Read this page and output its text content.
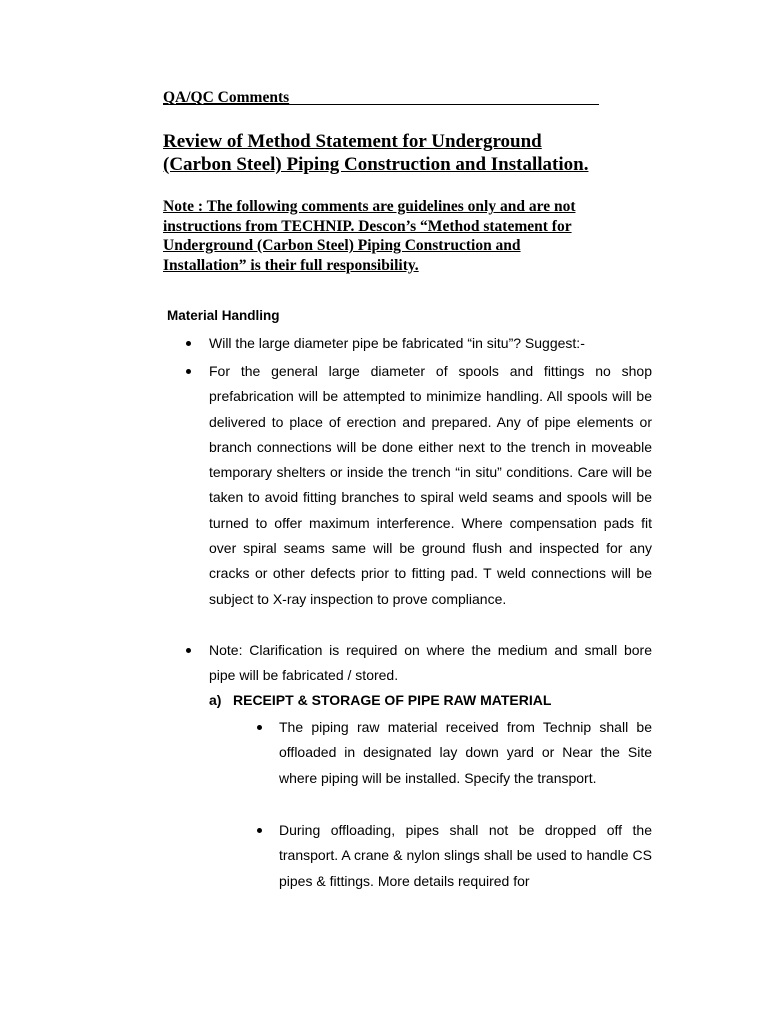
QA/QC Comments
Review of Method Statement for Underground
(Carbon Steel) Piping Construction and Installation.
Note : The following comments are guidelines only and are not
instructions from TECHNIP. Descon’s “Method statement for
Underground (Carbon Steel) Piping Construction and
Installation” is their full responsibility.
Material Handling
Will the large diameter pipe be fabricated “in situ”? Suggest:-
For the general large diameter of spools and fittings no shop prefabrication will be attempted to minimize handling. All spools will be delivered to place of erection and prepared. Any of pipe elements or branch connections will be done either next to the trench in moveable temporary shelters or inside the trench “in situ” conditions. Care will be taken to avoid fitting branches to spiral weld seams and spools will be turned to offer maximum interference. Where compensation pads fit over spiral seams same will be ground flush and inspected for any cracks or other defects prior to fitting pad. T weld connections will be subject to X-ray inspection to prove compliance.
Note: Clarification is required on where the medium and small bore pipe will be fabricated / stored.
a) RECEIPT & STORAGE OF PIPE RAW MATERIAL
The piping raw material received from Technip shall be offloaded in designated lay down yard or Near the Site where piping will be installed. Specify the transport.
During offloading, pipes shall not be dropped off the transport. A crane & nylon slings shall be used to handle CS pipes & fittings. More details required for
